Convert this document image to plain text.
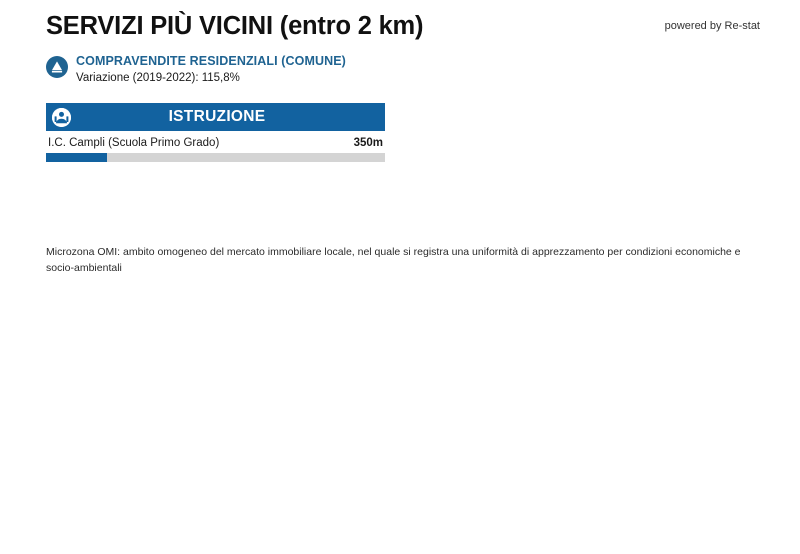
SERVIZI PIÙ VICINI (entro 2 km)	powered by Re-stat
COMPRAVENDITE RESIDENZIALI (COMUNE)
Variazione (2019-2022): 115,8%
ISTRUZIONE
I.C. Campli (Scuola Primo Grado)	350m
Microzona OMI: ambito omogeneo del mercato immobiliare locale, nel quale si registra una uniformità di apprezzamento per condizioni economiche e socio-ambientali
